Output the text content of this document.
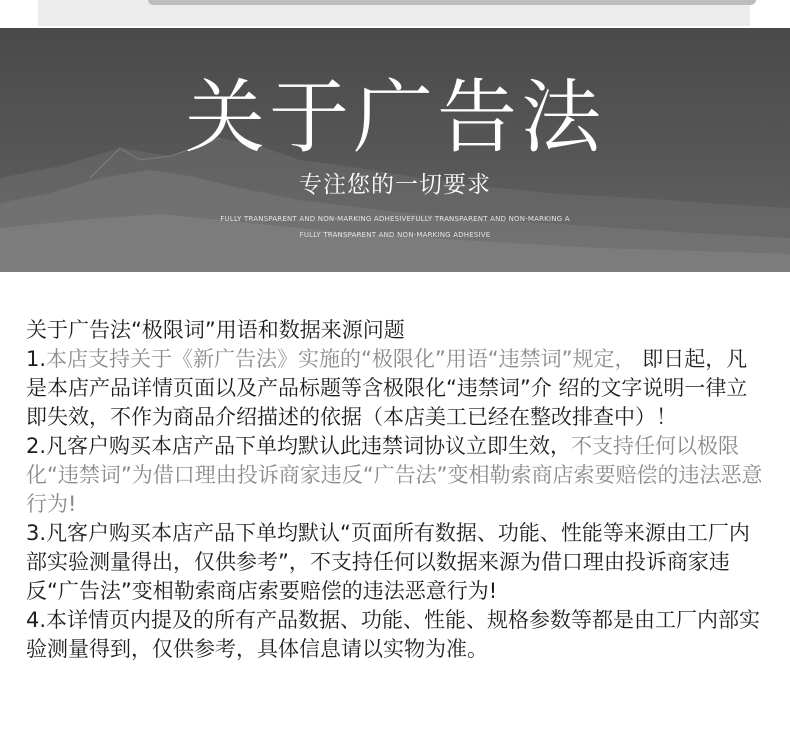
关于广告法
专注您的一切要求
FULLY TRANSPARENT AND NON-MARKING ADHESIVEFULLY TRANSPARENT AND NON-MARKING A
FULLY TRANSPARENT AND NON-MARKING ADHESIVE

关于广告法“极限词”用语和数据来源问题

1.本店支持关于《新广告法》实施的“极限化”用语“违禁词”规定， 即日起，凡是本店产品详情页面以及产品标题等含极限化“违禁词”介 绍的文字说明一律立即失效，不作为商品介绍描述的依据（本店美工已经在整改排查中）！

2.凡客户购买本店产品下单均默认此违禁词协议立即生效，不支持任何以极限化“违禁词”为借口理由投诉商家违反“广告法”变相勒索商店索要赔偿的违法恶意行为!

3.凡客户购买本店产品下单均默认“页面所有数据、功能、性能等来源由工厂内部实验测量得出，仅供参考”，不支持任何以数据来源为借口理由投诉商家违反“广告法”变相勒索商店索要赔偿的违法恶意行为!

4.本详情页内提及的所有产品数据、功能、性能、规格参数等都是由工厂内部实验测量得到，仅供参考，具体信息请以实物为准。
